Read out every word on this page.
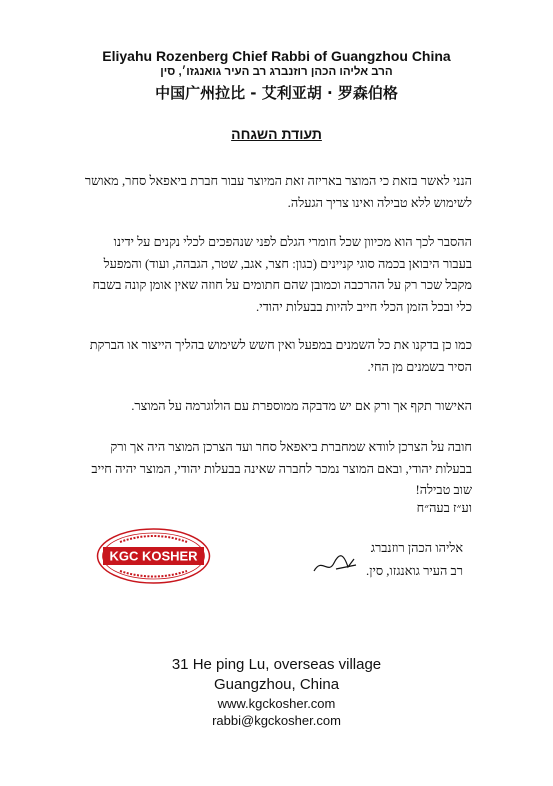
Eliyahu Rozenberg Chief Rabbi of Guangzhou China
הרב אליהו הכהן רוזנברג רב העיר גואנגזו׳, סין
中国广州拉比 - 艾利亚胡 · 罗森伯格
תעודת השגחה

הנני לאשר בזאת כי המוצר באריזה זאת המיוצר עבור חברת ביאפאל סחר, מאושר לשימוש ללא טבילה ואינו צריך הגעלה.

ההסבר לכך הוא מכיוון שכל חומרי הגלם לפני שנהפכים לכלי נקנים על ידינו בעבור היבואן בכמה סוגי קניינים (כגון: חצר, אגב, שטר, הגבהה, ועוד) והמפעל מקבל שכר רק על ההרכבה וכמובן שהם חתומים על חוזה שאין אומן קונה בשבח כלי ובכל הזמן הכלי חייב להיות בבעלות יהודי.

כמו כן בדקנו את כל השמנים במפעל ואין חשש לשימוש בהליך הייצור או הברקת הסיר בשמנים מן החי.

האישור תקף אך ורק אם יש מדבקה ממוספרת עם הולוגרמה על המוצר.

חובה על הצרכן לוודא שמחברת ביאפאל סחר ועד הצרכן המוצר היה אך ורק בבעלות יהודי, ובאם המוצר נמכר לחברה שאינה בבעלות יהודי, המוצר יהיה חייב שוב טבילה!

וע״ז בעה״ח

אליהו הכהן רוזנברג
רב העיר גואנגזו, סין.
KGC KOSHER
31 He ping Lu, overseas village
Guangzhou, China
www.kgckosher.com
rabbi@kgckosher.com
